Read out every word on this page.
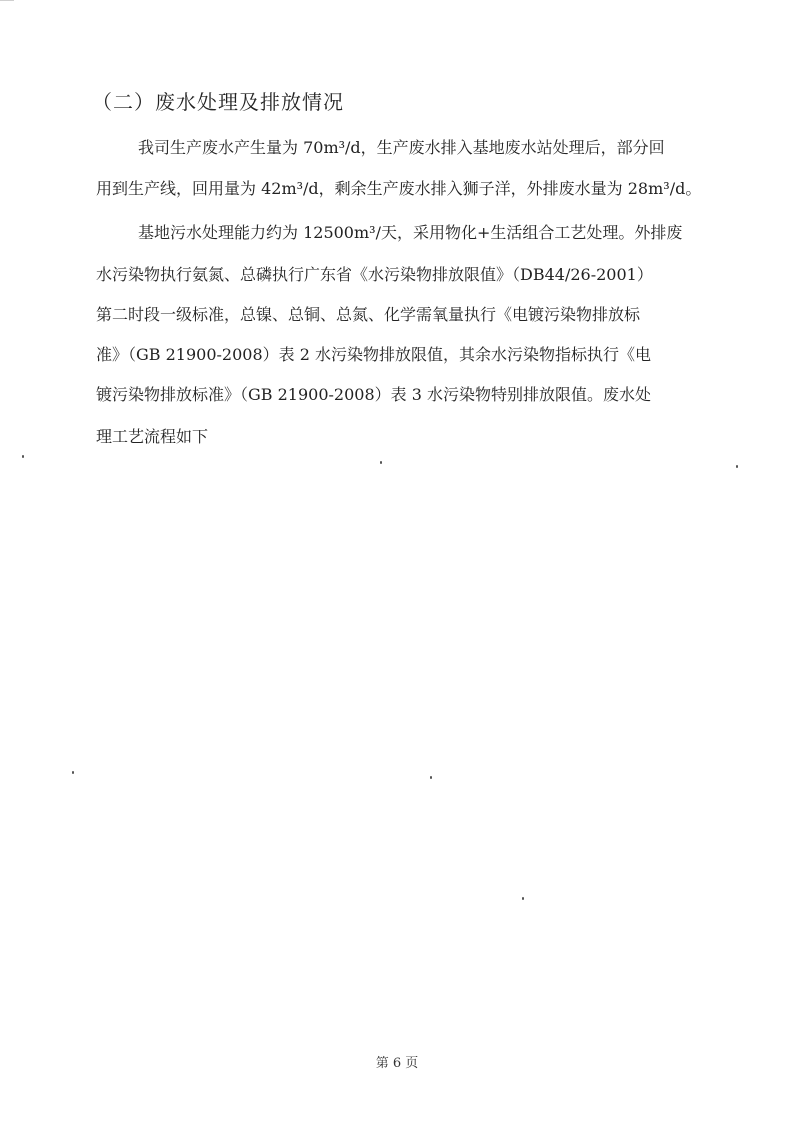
（二）废水处理及排放情况
我司生产废水产生量为 70m³/d，生产废水排入基地废水站处理后，部分回
用到生产线，回用量为 42m³/d，剩余生产废水排入狮子洋，外排废水量为 28m³/d。
基地污水处理能力约为 12500m³/天，采用物化+生活组合工艺处理。外排废
水污染物执行氨氮、总磷执行广东省《水污染物排放限值》（DB44/26-2001）
第二时段一级标准，总镍、总铜、总氮、化学需氧量执行《电镀污染物排放标
准》（GB 21900-2008）表 2 水污染物排放限值，其余水污染物指标执行《电
镀污染物排放标准》（GB 21900-2008）表 3 水污染物特别排放限值。废水处
理工艺流程如下
第 6 页
